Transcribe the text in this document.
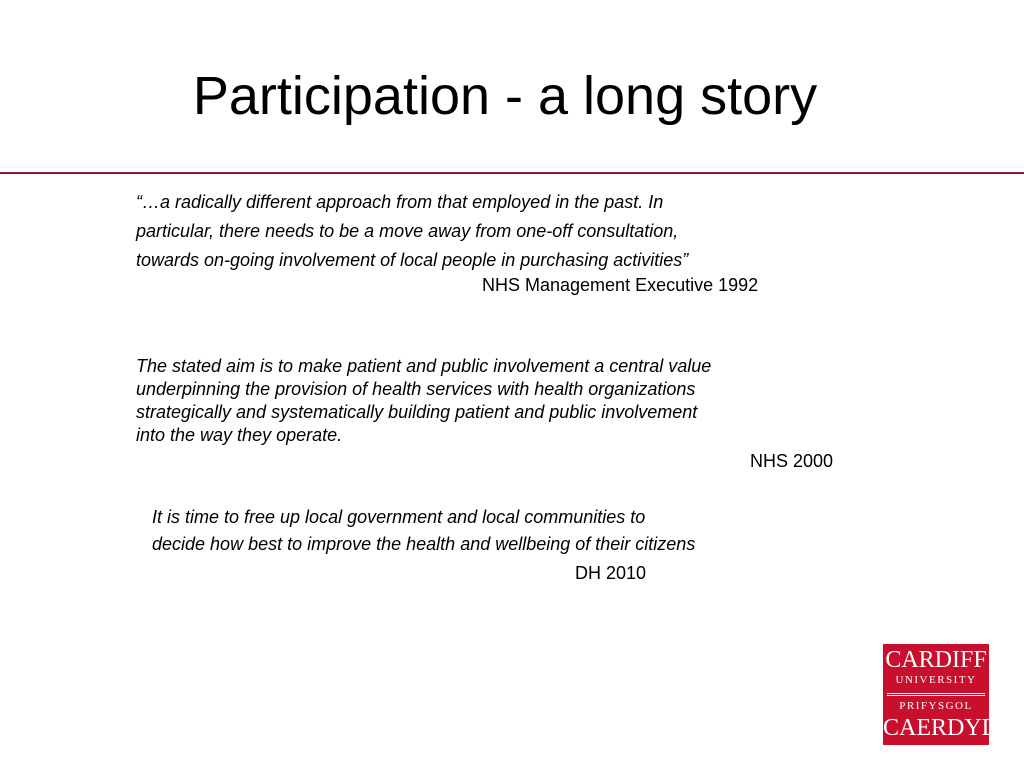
Participation - a long story
“…a radically different approach from that employed in the past. In
particular, there needs to be a move away from one-off consultation,
towards on-going involvement of local people in purchasing activities”
NHS Management Executive 1992
The stated aim is to make patient and public involvement a central value
underpinning the provision of health services with health organizations
strategically and systematically building patient and public involvement
into the way they operate.
NHS 2000
It is time to free up local government and local communities to
decide how best to improve the health and wellbeing of their citizens
DH 2010
CARDIFF
UNIVERSITY
PRIFYSGOL
CAERDYDD
